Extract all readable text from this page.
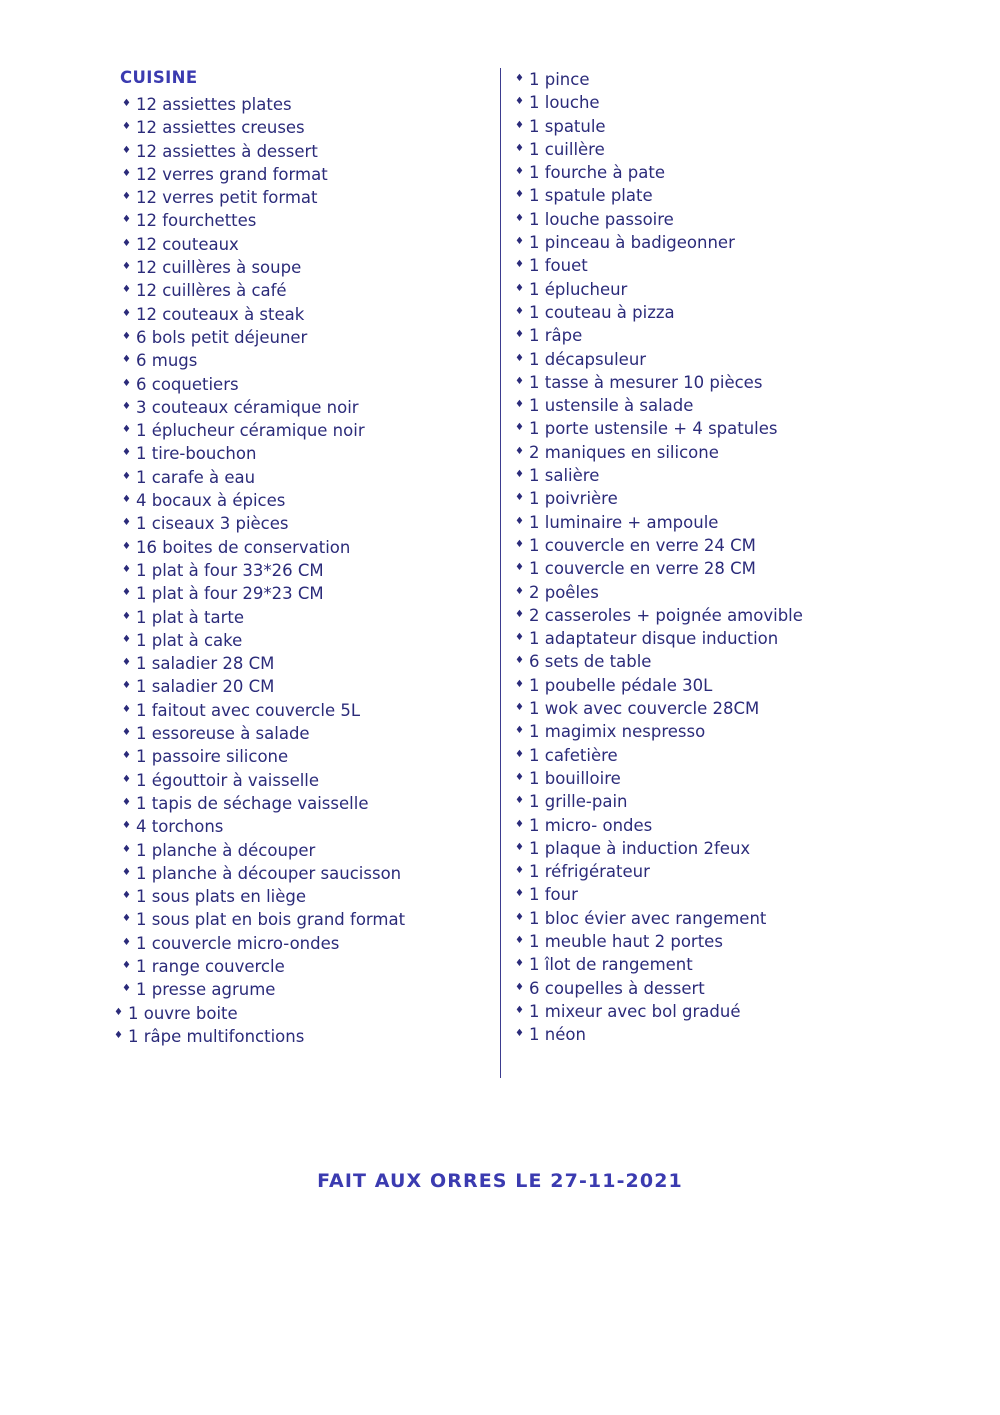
CUISINE
♦ 12 assiettes plates
♦ 12 assiettes creuses
♦ 12 assiettes à dessert
♦ 12 verres grand format
♦ 12 verres petit format
♦ 12 fourchettes
♦ 12 couteaux
♦ 12 cuillères à soupe
♦ 12 cuillères à café
♦ 12 couteaux à steak
♦ 6 bols petit déjeuner
♦ 6 mugs
♦ 6 coquetiers
♦ 3 couteaux céramique noir
♦ 1 éplucheur céramique noir
♦ 1 tire-bouchon
♦ 1 carafe à eau
♦ 4 bocaux à épices
♦ 1 ciseaux 3 pièces
♦ 16 boites de conservation
♦ 1 plat à four 33*26 CM
♦ 1 plat à four 29*23 CM
♦ 1 plat à tarte
♦ 1 plat à cake
♦ 1 saladier 28 CM
♦ 1 saladier 20 CM
♦ 1 faitout avec couvercle 5L
♦ 1 essoreuse à salade
♦ 1 passoire silicone
♦ 1 égouttoir à vaisselle
♦ 1 tapis de séchage vaisselle
♦ 4 torchons
♦ 1 planche à découper
♦ 1 planche à découper saucisson
♦ 1 sous plats en liège
♦ 1 sous plat en bois grand format
♦ 1 couvercle micro-ondes
♦ 1 range couvercle
♦ 1 presse agrume
♦ 1 ouvre boite
♦ 1 râpe multifonctions
♦ 1 pince
♦ 1 louche
♦ 1 spatule
♦ 1 cuillère
♦ 1 fourche à pate
♦ 1 spatule plate
♦ 1 louche passoire
♦ 1 pinceau à badigeonner
♦ 1 fouet
♦ 1 éplucheur
♦ 1 couteau à pizza
♦ 1 râpe
♦ 1 décapsuleur
♦ 1 tasse à mesurer 10 pièces
♦ 1 ustensile à salade
♦ 1 porte ustensile + 4 spatules
♦ 2 maniques en silicone
♦ 1 salière
♦ 1 poivrière
♦ 1 luminaire + ampoule
♦ 1 couvercle en verre 24 CM
♦ 1 couvercle en verre 28 CM
♦ 2 poêles
♦ 2 casseroles + poignée amovible
♦ 1 adaptateur disque induction
♦ 6 sets de table
♦ 1 poubelle pédale 30L
♦ 1 wok avec couvercle 28CM
♦ 1 magimix nespresso
♦ 1 cafetière
♦ 1 bouilloire
♦ 1 grille-pain
♦ 1 micro- ondes
♦ 1 plaque à induction 2feux
♦ 1 réfrigérateur
♦ 1 four
♦ 1 bloc évier avec rangement
♦ 1 meuble haut 2 portes
♦ 1 îlot de rangement
♦ 6 coupelles à dessert
♦ 1 mixeur avec bol gradué
♦ 1 néon
FAIT AUX ORRES LE 27-11-2021
